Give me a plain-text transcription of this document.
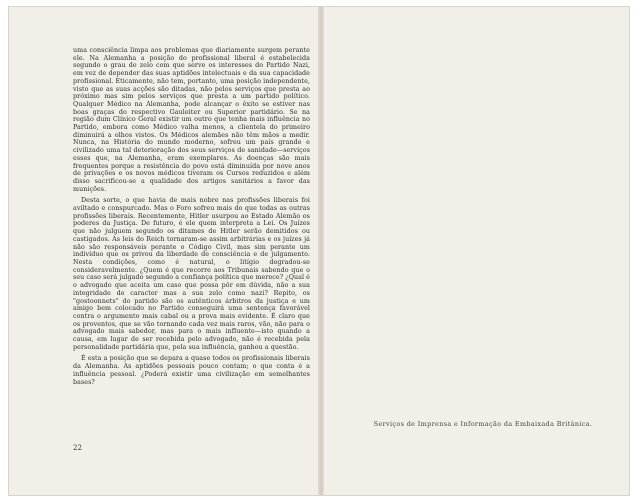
uma consciência limpa aos problemas que diariamente surgem perante ele. Na Alemanha a posição do profissional liberal é estabelecida segundo o grau de zelo com que serve os interesses do Partido Nazi, em vez de depender das suas aptidões intelectuais e da sua capacidade profissional. Eticamente, não tem, portanto, uma posição independente, visto que as suas acções são ditadas, não pelos serviços que presta ao próximo mas sim pelos serviços que presta a um partido político. Qualquer Médico na Alemanha, pode alcançar o êxito se estiver nas boas graças do respectivo Gauleiter ou Superior partidário. Se na região dum Clínico Geral existir um outro que tenha mais influência no Partido, embora como Médico valha menos, a clientela do primeiro diminuirá a olhos vistos. Os Médicos alemães não têm mãos a medir. Nunca, na História do mundo moderno, sofreu um país grande e civilizado uma tal deterioração dos seus serviços de sanidade—serviços esses que, na Alemanha, eram exemplares. As doenças são mais frequentes porque a resistência do povo está diminuída por nove anos de privações e os novos médicos tiveram os Cursos reduzidos e além disso sacrificou-se a qualidade dos artigos sanitários a favor das munições.

Desta sorte, o que havia de mais nobre nas profissões liberais foi aviltado e conspurcado. Mas o Foro sofreu mais do que todas as outras profissões liberais. Recentemente, Hitler usurpou ao Estado Alemão os poderes da Justiça. De futuro, é ele quem interpreta a Lei. Os Juízes que não julguem segundo os ditames de Hitler serão demitidos ou castigados. As leis do Reich tornaram-se assim arbitrárias e os juízes já não são responsáveis perante o Código Civil, mas sim perante um indivíduo que os privou da liberdade de consciência e de julgamento. Nesta condições, como é natural, o litígio degradou-se consideravelmente. ¿Quem é que recorre aos Tribunais sabendo que o seu caso será julgado segundo a confiança política que merece? ¿Qual é o advogado que aceita um caso que possa pôr em dúvida, não a sua integridade de caracter mas a sua zelo como nazi? Repito, os "gostoonnets" do partido são os autênticos árbitros da justiça e um amigo bem colocado no Partido conseguirá uma sentença favorável contra o argumento mais cabal ou a prova mais evidente. É claro que os proventos, que se vão tornando cada vez mais raros, vão, não para o advogado mais sabedor, mas para o mais influente—isto quando a causa, em lugar de ser recebida pelo advogado, não é recebida pela personalidade partidária que, pela sua influência, ganhou a questão.

É esta a posição que se depara a quase todos os profissionais liberais da Alemanha. As aptidões pessoais pouco contam; o que conta é a influência pessoal. ¿Poderá existir uma civilização em semelhantes bases?

22
Serviços de Imprensa e Informação da Embaixada Britânica.
